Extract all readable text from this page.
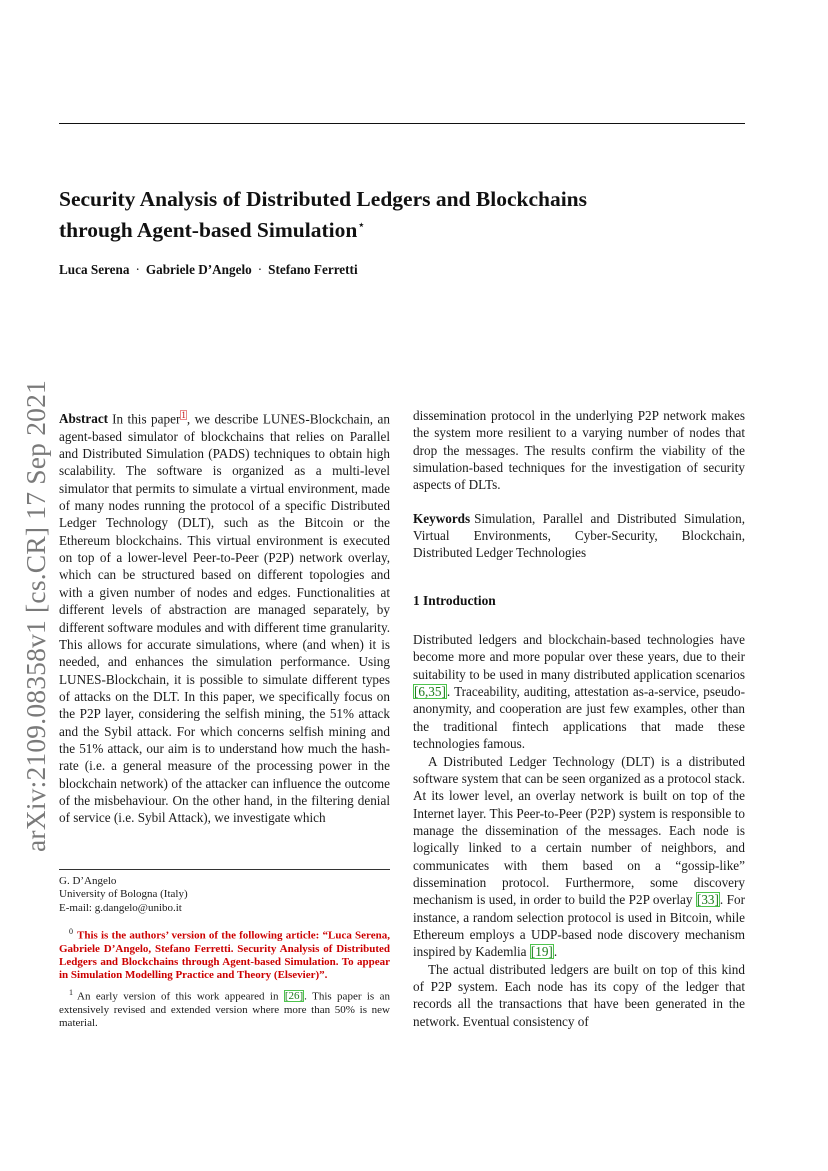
arXiv:2109.08358v1 [cs.CR] 17 Sep 2021
Security Analysis of Distributed Ledgers and Blockchains
through Agent-based Simulation⋆
Luca Serena · Gabriele D’Angelo · Stefano Ferretti

Abstract In this paper$^1$, we describe LUNES-Blockchain, an agent-based simulator of blockchains that relies on Parallel and Distributed Simulation (PADS) techniques to obtain high scalability. The software is organized as a multi-level simulator that permits to simulate a virtual environment, made of many nodes running the protocol of a specific Distributed Ledger Technology (DLT), such as the Bitcoin or the Ethereum blockchains. This virtual environment is executed on top of a lower-level Peer-to-Peer (P2P) network overlay, which can be structured based on different topologies and with a given number of nodes and edges. Functionalities at different levels of abstraction are managed separately, by different software modules and with different time granularity. This allows for accurate simulations, where (and when) it is needed, and enhances the simulation performance. Using LUNES-Blockchain, it is possible to simulate different types of attacks on the DLT. In this paper, we specifically focus on the P2P layer, considering the selfish mining, the 51% attack and the Sybil attack. For which concerns selfish mining and the 51% attack, our aim is to understand how much the hash-rate (i.e. a general measure of the processing power in the blockchain network) of the attacker can influence the outcome of the misbehaviour. On the other hand, in the filtering denial of service (i.e. Sybil Attack), we investigate which

dissemination protocol in the underlying P2P network makes the system more resilient to a varying number of nodes that drop the messages. The results confirm the viability of the simulation-based techniques for the investigation of security aspects of DLTs.

Keywords Simulation, Parallel and Distributed Simulation, Virtual Environments, Cyber-Security, Blockchain, Distributed Ledger Technologies

1 Introduction

Distributed ledgers and blockchain-based technologies have become more and more popular over these years, due to their suitability to be used in many distributed application scenarios [6,35]. Traceability, auditing, attestation as-a-service, pseudo-anonymity, and cooperation are just few examples, other than the traditional fintech applications that made these technologies famous.

A Distributed Ledger Technology (DLT) is a distributed software system that can be seen organized as a protocol stack. At its lower level, an overlay network is built on top of the Internet layer. This Peer-to-Peer (P2P) system is responsible to manage the dissemination of the messages. Each node is logically linked to a certain number of neighbors, and communicates with them based on a “gossip-like” dissemination protocol. Furthermore, some discovery mechanism is used, in order to build the P2P overlay [33]. For instance, a random selection protocol is used in Bitcoin, while Ethereum employs a UDP-based node discovery mechanism inspired by Kademlia [19].

The actual distributed ledgers are built on top of this kind of P2P system. Each node has its copy of the ledger that records all the transactions that have been generated in the network. Eventual consistency of

G. D’Angelo

University of Bologna (Italy)

E-mail: g.dangelo@unibo.it

$^0$ This is the authors’ version of the following article: “Luca Serena, Gabriele D’Angelo, Stefano Ferretti. Security Analysis of Distributed Ledgers and Blockchains through Agent-based Simulation. To appear in Simulation Modelling Practice and Theory (Elsevier)”.

$^1$ An early version of this work appeared in [26]. This paper is an extensively revised and extended version where more than 50% is new material.
